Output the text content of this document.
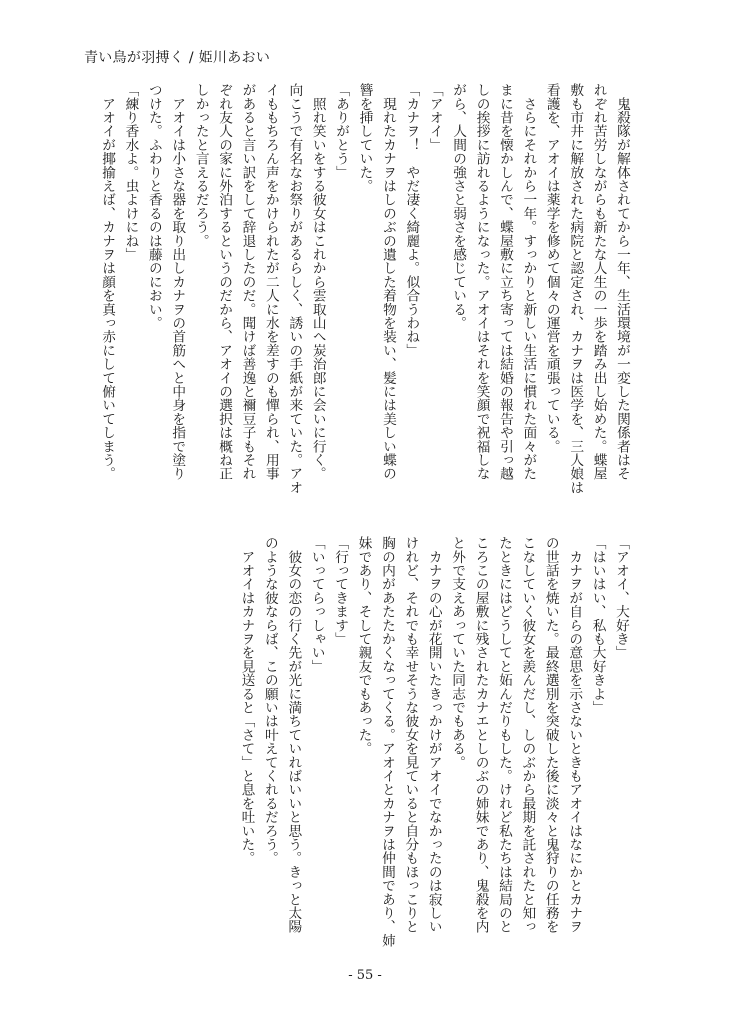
青い鳥が羽搏く / 姫川あおい
　鬼殺隊が解体されてから一年、生活環境が一変した関係者はそ
れぞれ苦労しながらも新たな人生の一歩を踏み出し始めた。蝶屋
敷も市井に解放された病院と認定され、カナヲは医学を、三人娘は
看護を、アオイは薬学を修めて個々の運営を頑張っている。
　さらにそれから一年。すっかりと新しい生活に慣れた面々がた
まに昔を懐かしんで、蝶屋敷に立ち寄っては結婚の報告や引っ越
しの挨拶に訪れるようになった。アオイはそれを笑顔で祝福しな
がら、人間の強さと弱さを感じている。
「アオイ」
「カナヲ！　やだ凄く綺麗よ。似合うわね」
　現れたカナヲはしのぶの遺した着物を装い、髪には美しい蝶の
簪を挿していた。
「ありがとう」
　照れ笑いをする彼女はこれから雲取山へ炭治郎に会いに行く。
向こうで有名なお祭りがあるらしく、誘いの手紙が来ていた。アオ
イももちろん声をかけられたが二人に水を差すのも憚られ、用事
があると言い訳をして辞退したのだ。聞けば善逸と禰豆子もそれ
ぞれ友人の家に外泊するというのだから、アオイの選択は概ね正
しかったと言えるだろう。
　アオイは小さな器を取り出しカナヲの首筋へと中身を指で塗り
つけた。ふわりと香るのは藤のにおい。
「練り香水よ。虫よけにね」
　アオイが揶揄えば、カナヲは顔を真っ赤にして俯いてしまう。
「アオイ、大好き」
「はいはい、私も大好きよ」
　カナヲが自らの意思を示さないときもアオイはなにかとカナヲ
の世話を焼いた。最終選別を突破した後に淡々と鬼狩りの任務を
こなしていく彼女を羨んだし、しのぶから最期を託されたと知っ
たときにはどうしてと妬んだりもした。けれど私たちは結局のと
ころこの屋敷に残されたカナエとしのぶの姉妹であり、鬼殺を内
と外で支えあっていた同志でもある。
　カナヲの心が花開いたきっかけがアオイでなかったのは寂しい
けれど、それでも幸せそうな彼女を見ていると自分もほっこりと
胸の内があたたかくなってくる。アオイとカナヲは仲間であり、姉
妹であり、そして親友でもあった。
「行ってきます」
「いってらっしゃい」
　彼女の恋の行く先が光に満ちていればいいと思う。きっと太陽
のような彼ならば、この願いは叶えてくれるだろう。
　アオイはカナヲを見送ると「さて」と息を吐いた。
- 55 -
